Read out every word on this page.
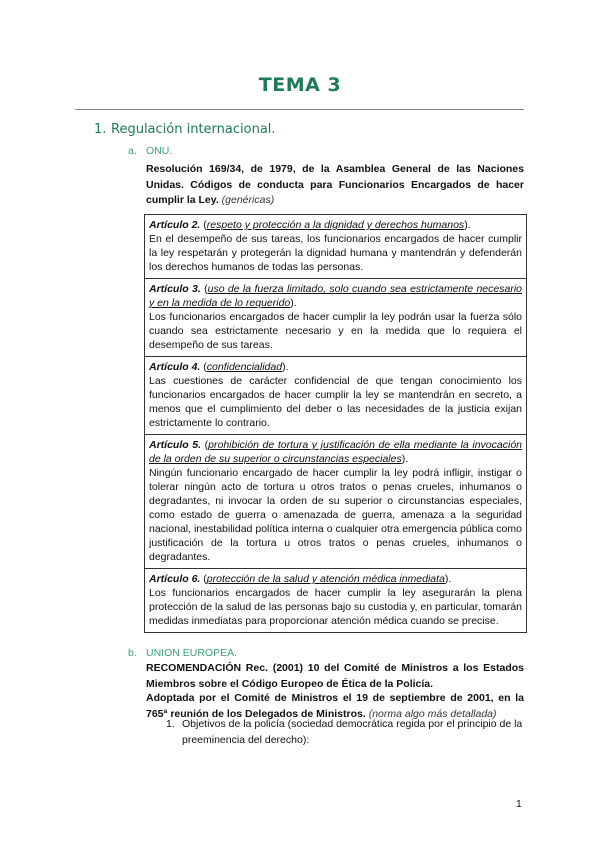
TEMA 3
1. Regulación internacional.
a. ONU.
Resolución 169/34, de 1979, de la Asamblea General de las Naciones Unidas. Códigos de conducta para Funcionarios Encargados de hacer cumplir la Ley. (genéricas)
Artículo 2. (respeto y protección a la dignidad y derechos humanos).
En el desempeño de sus tareas, los funcionarios encargados de hacer cumplir la ley respetarán y protegerán la dignidad humana y mantendrán y defenderán los derechos humanos de todas las personas.
Artículo 3. (uso de la fuerza limitado, solo cuando sea estrictamente necesario y en la medida de lo requerido).
Los funcionarios encargados de hacer cumplir la ley podrán usar la fuerza sólo cuando sea estrictamente necesario y en la medida que lo requiera el desempeño de sus tareas.
Artículo 4. (confidencialidad).
Las cuestiones de carácter confidencial de que tengan conocimiento los funcionarios encargados de hacer cumplir la ley se mantendrán en secreto, a menos que el cumplimiento del deber o las necesidades de la justicia exijan estrictamente lo contrario.
Artículo 5. (prohibición de tortura y justificación de ella mediante la invocación de la orden de su superior o circunstancias especiales).
Ningún funcionario encargado de hacer cumplir la ley podrá infligir, instigar o tolerar ningún acto de tortura u otros tratos o penas crueles, inhumanos o degradantes, ni invocar la orden de su superior o circunstancias especiales, como estado de guerra o amenazada de guerra, amenaza a la seguridad nacional, inestabilidad política interna o cualquier otra emergencia pública como justificación de la tortura u otros tratos o penas crueles, inhumanos o degradantes.
Artículo 6. (protección de la salud y atención médica inmediata).
Los funcionarios encargados de hacer cumplir la ley asegurarán la plena protección de la salud de las personas bajo su custodia y, en particular, tomarán medidas inmediatas para proporcionar atención médica cuando se precise.
b. UNION EUROPEA.
RECOMENDACIÓN Rec. (2001) 10 del Comité de Ministros a los Estados Miembros sobre el Código Europeo de Ética de la Policía.
Adoptada por el Comité de Ministros el 19 de septiembre de 2001, en la 765ª reunión de los Delegados de Ministros. (norma algo más detallada)
1. Objetivos de la policía (sociedad democrática regida por el principio de la preeminencia del derecho):
1
